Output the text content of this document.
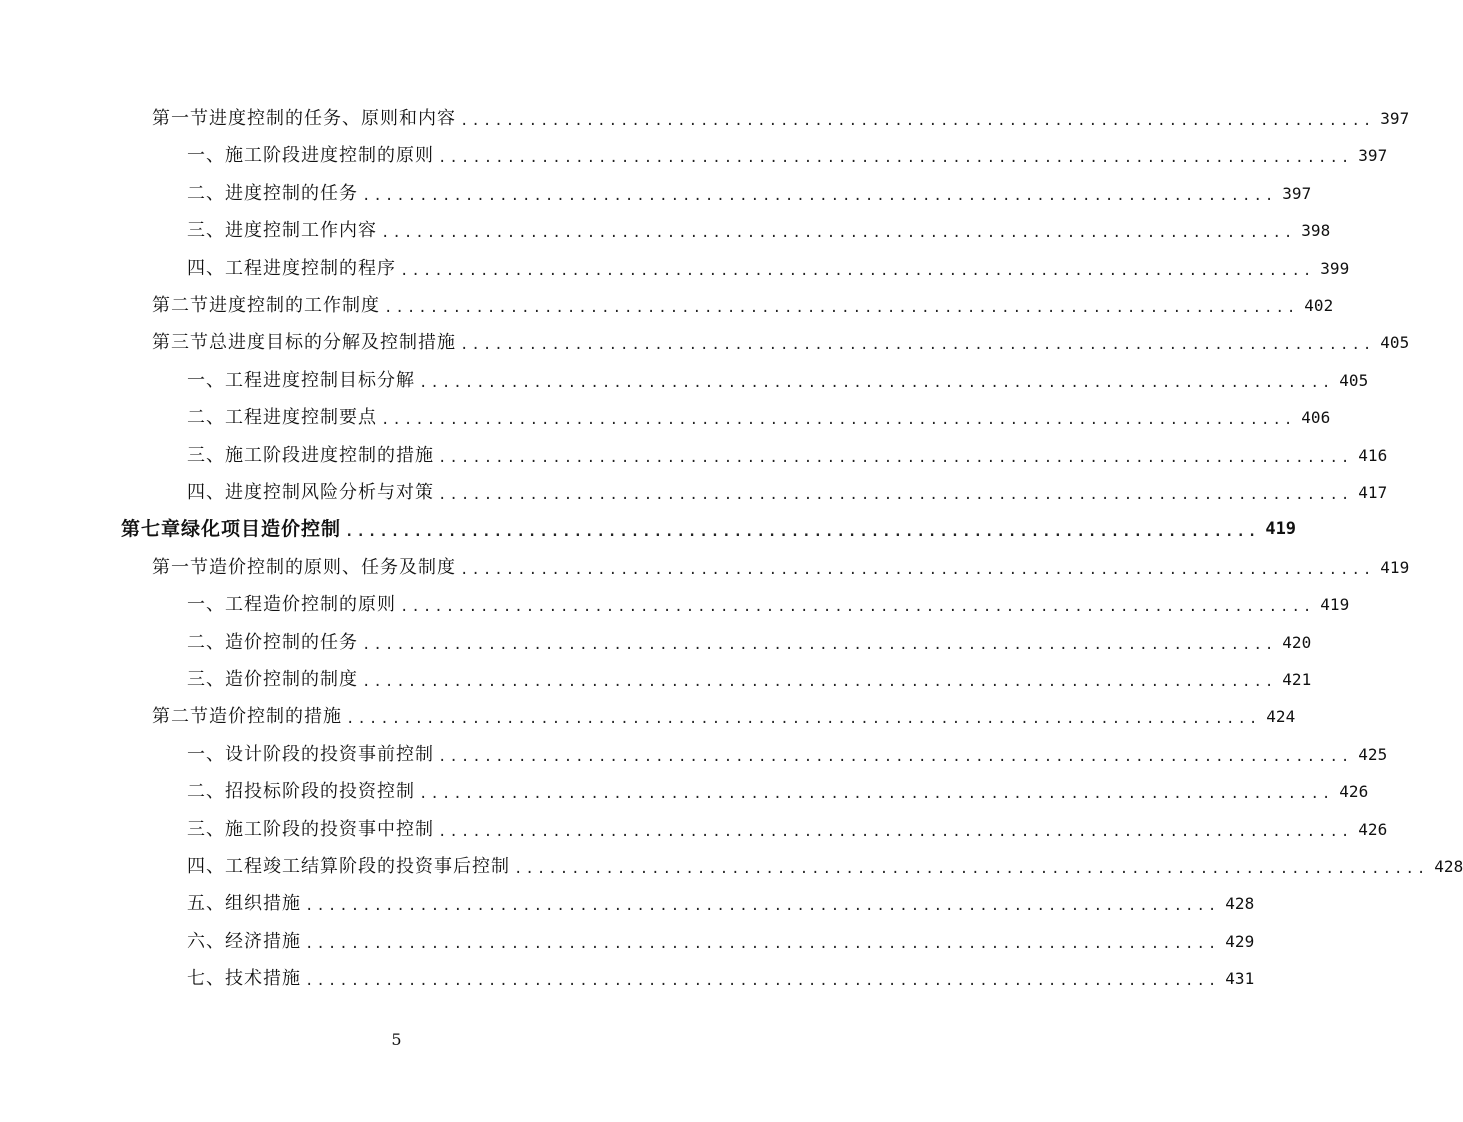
第一节 进度控制的任务、原则和内容 ................................................................................ 397
一、施工阶段进度控制的原则 ................................................................................ 397
二、进度控制的任务 ................................................................................ 397
三、进度控制工作内容 ................................................................................ 398
四、工程进度控制的程序 ................................................................................ 399
第二节 进度控制的工作制度 ................................................................................ 402
第三节 总进度目标的分解及控制措施 ................................................................................ 405
一、工程进度控制目标分解 ................................................................................ 405
二、工程进度控制要点 ................................................................................ 406
三、施工阶段进度控制的措施 ................................................................................ 416
四、进度控制风险分析与对策 ................................................................................ 417
第七章 绿化项目造价控制 ................................................................................ 419
第一节 造价控制的原则、任务及制度 ................................................................................ 419
一、工程造价控制的原则 ................................................................................ 419
二、造价控制的任务 ................................................................................ 420
三、造价控制的制度 ................................................................................ 421
第二节 造价控制的措施 ................................................................................ 424
一、设计阶段的投资事前控制 ................................................................................ 425
二、招投标阶段的投资控制 ................................................................................ 426
三、施工阶段的投资事中控制 ................................................................................ 426
四、工程竣工结算阶段的投资事后控制 ................................................................................ 428
五、组织措施 ................................................................................ 428
六、经济措施 ................................................................................ 429
七、技术措施 ................................................................................ 431
5
